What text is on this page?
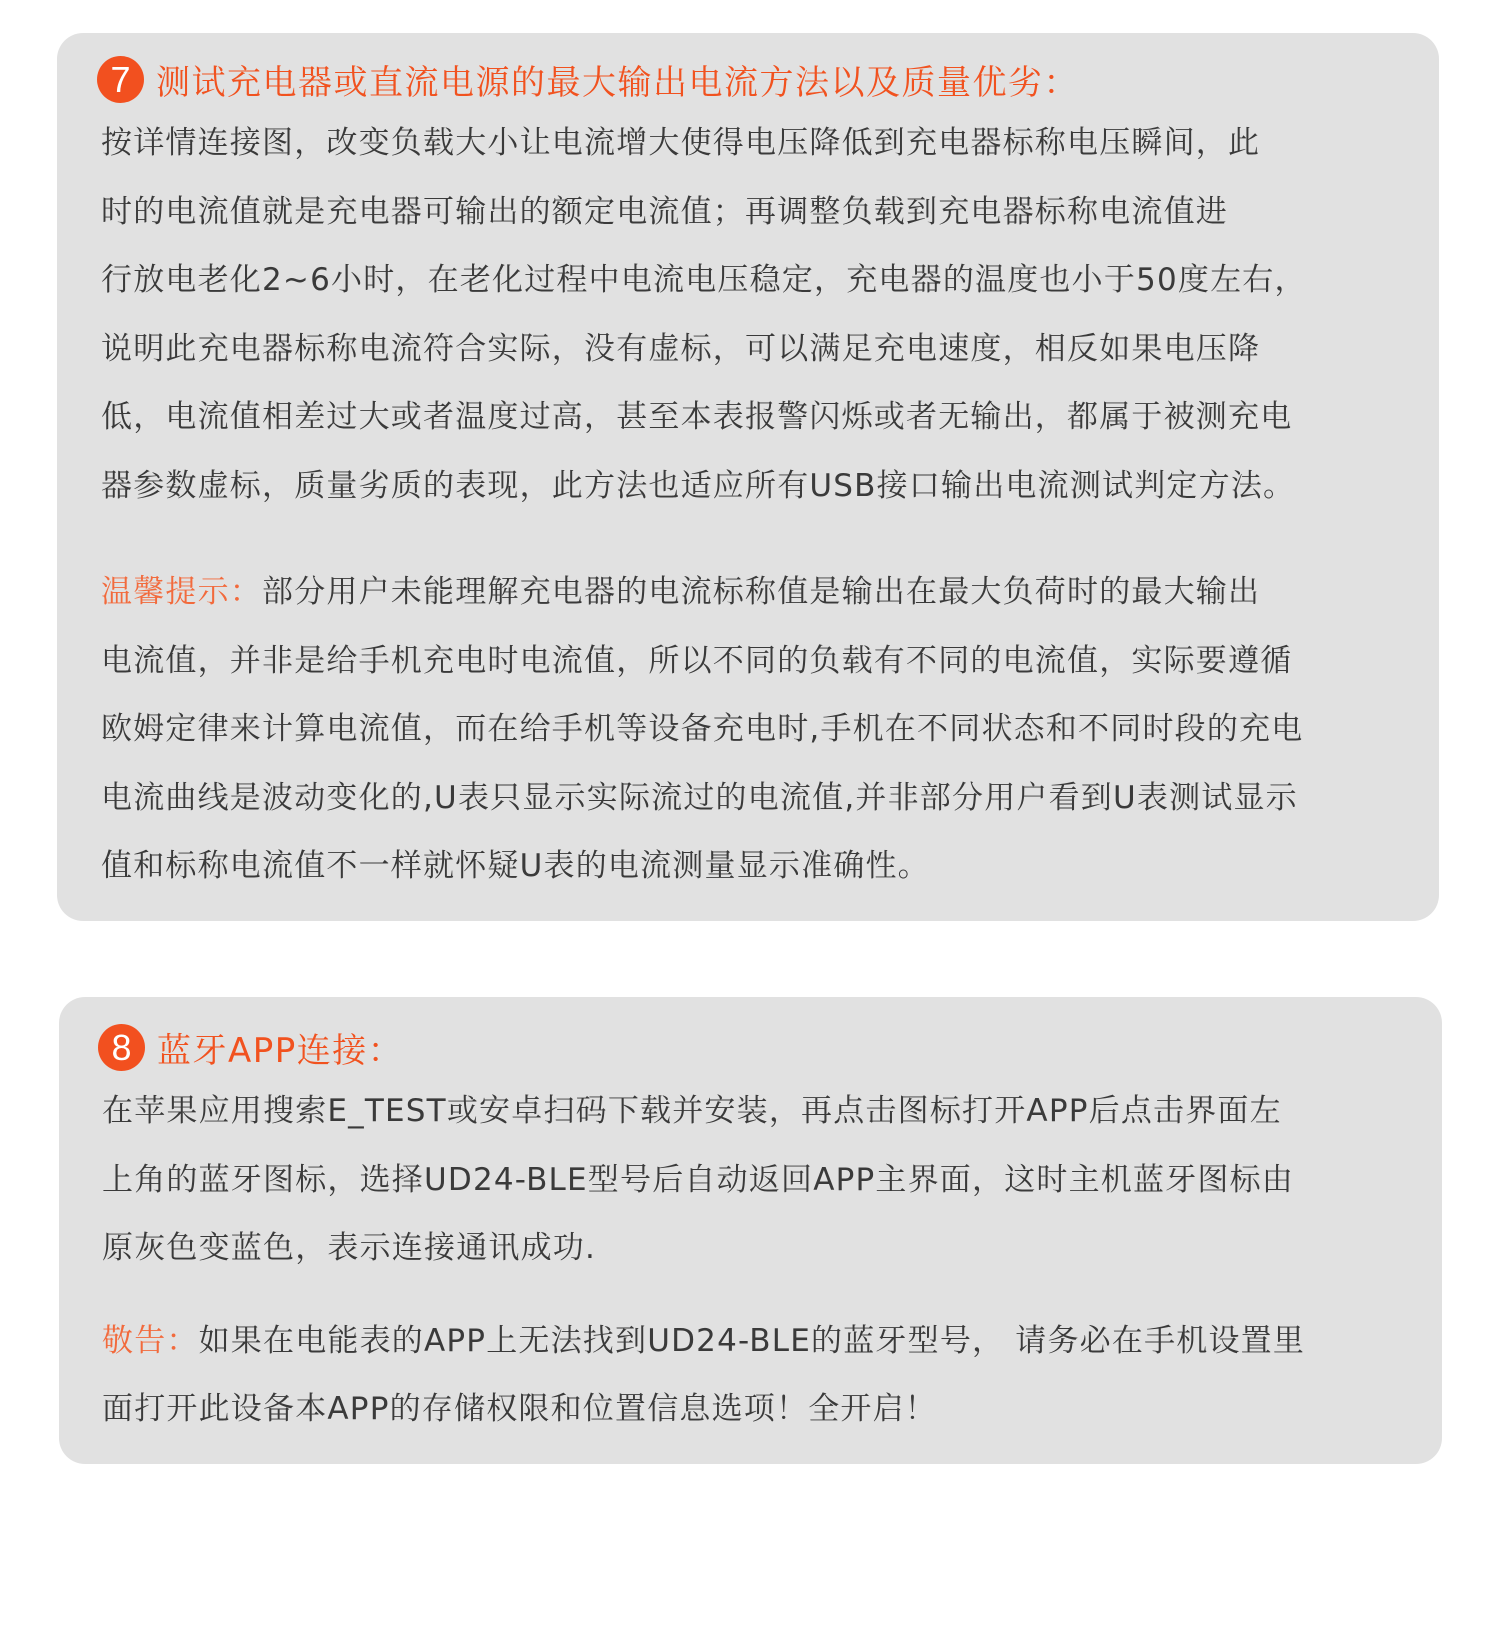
7 测试充电器或直流电源的最大输出电流方法以及质量优劣：
按详情连接图，改变负载大小让电流增大使得电压降低到充电器标称电压瞬间，此
时的电流值就是充电器可输出的额定电流值；再调整负载到充电器标称电流值进
行放电老化2~6小时，在老化过程中电流电压稳定，充电器的温度也小于50度左右，
说明此充电器标称电流符合实际，没有虚标，可以满足充电速度，相反如果电压降
低，电流值相差过大或者温度过高，甚至本表报警闪烁或者无输出，都属于被测充电
器参数虚标，质量劣质的表现，此方法也适应所有USB接口输出电流测试判定方法。
温馨提示：部分用户未能理解充电器的电流标称值是输出在最大负荷时的最大输出
电流值，并非是给手机充电时电流值，所以不同的负载有不同的电流值，实际要遵循
欧姆定律来计算电流值，而在给手机等设备充电时,手机在不同状态和不同时段的充电
电流曲线是波动变化的,U表只显示实际流过的电流值,并非部分用户看到U表测试显示
值和标称电流值不一样就怀疑U表的电流测量显示准确性。
8 蓝牙APP连接：
在苹果应用搜索E_TEST或安卓扫码下载并安装，再点击图标打开APP后点击界面左
上角的蓝牙图标，选择UD24-BLE型号后自动返回APP主界面，这时主机蓝牙图标由
原灰色变蓝色，表示连接通讯成功.
敬告：如果在电能表的APP上无法找到UD24-BLE的蓝牙型号， 请务必在手机设置里
面打开此设备本APP的存储权限和位置信息选项！全开启！
